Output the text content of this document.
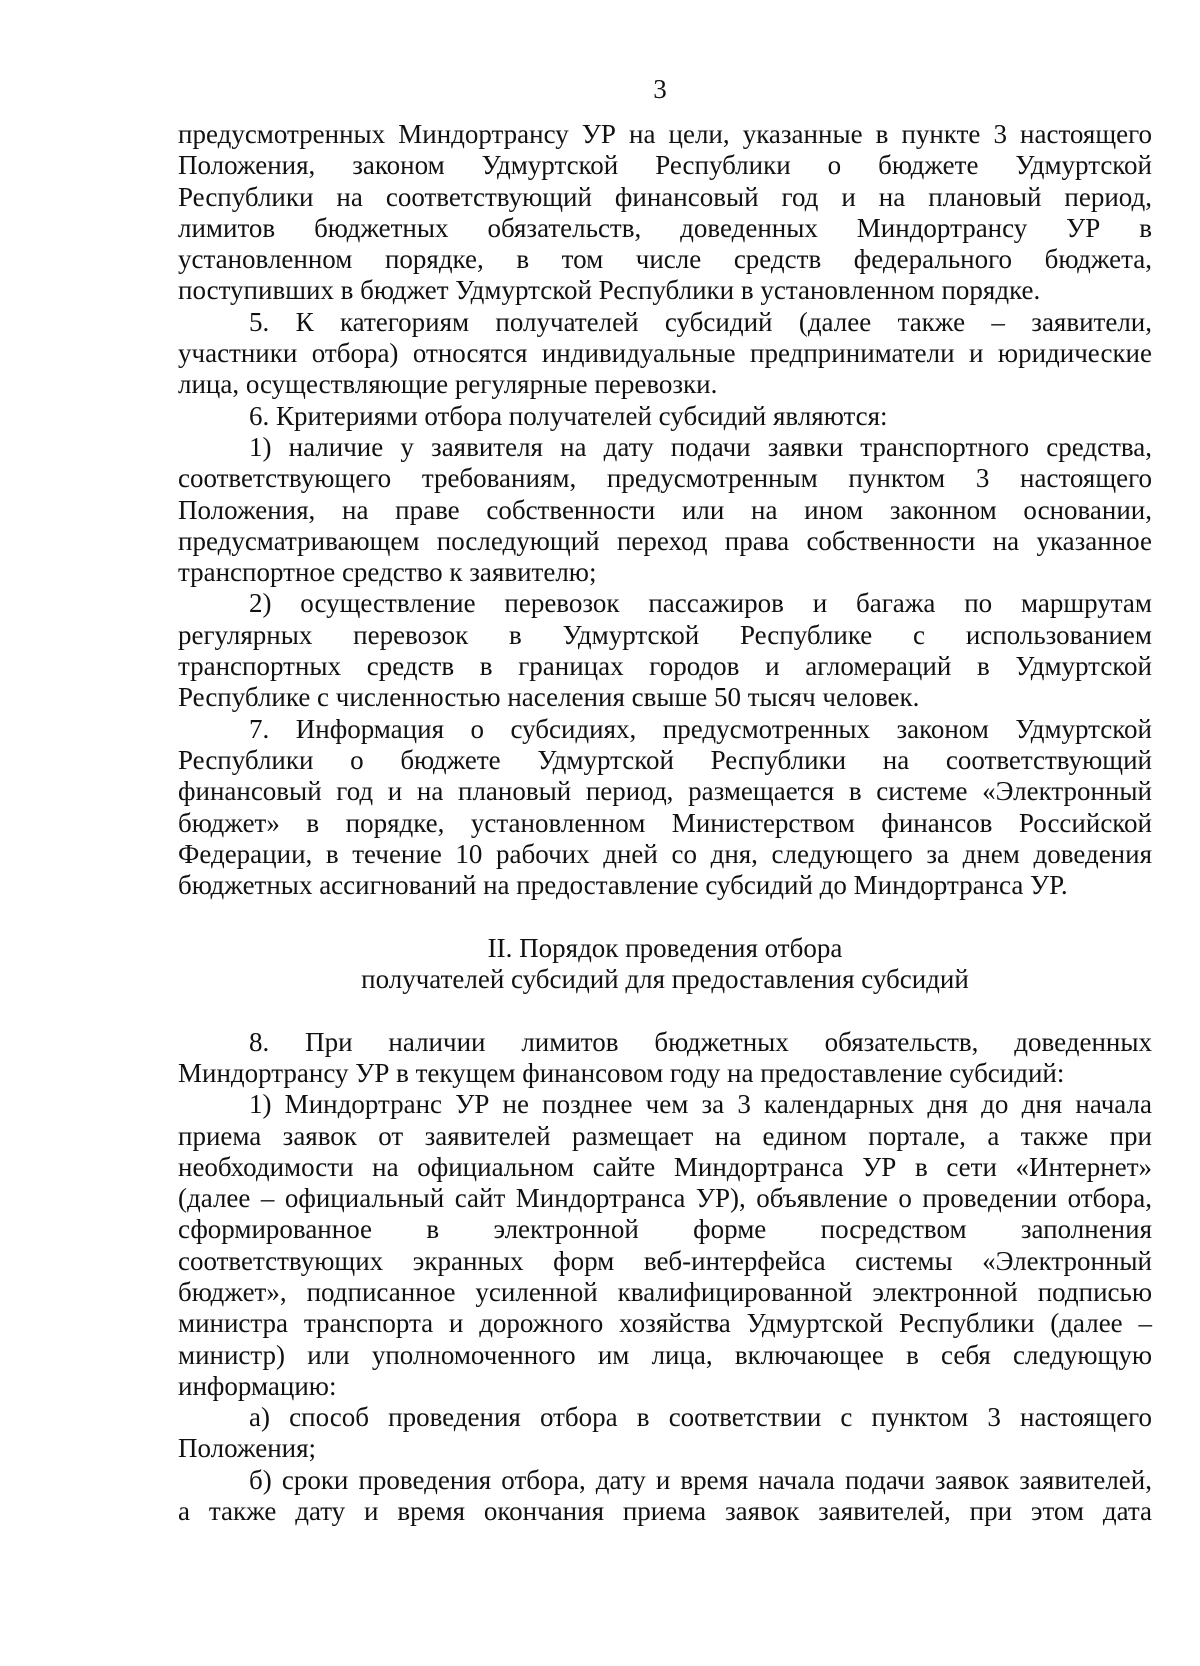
3
предусмотренных Миндортрансу УР на цели, указанные в пункте 3 настоящего
Положения, законом Удмуртской Республики о бюджете Удмуртской
Республики на соответствующий финансовый год и на плановый период,
лимитов бюджетных обязательств, доведенных Миндортрансу УР в
установленном порядке, в том числе средств федерального бюджета,
поступивших в бюджет Удмуртской Республики в установленном порядке.
5. К категориям получателей субсидий (далее также – заявители,
участники отбора) относятся индивидуальные предприниматели и юридические
лица, осуществляющие регулярные перевозки.
6. Критериями отбора получателей субсидий являются:
1) наличие у заявителя на дату подачи заявки транспортного средства,
соответствующего требованиям, предусмотренным пунктом 3 настоящего
Положения, на праве собственности или на ином законном основании,
предусматривающем последующий переход права собственности на указанное
транспортное средство к заявителю;
2) осуществление перевозок пассажиров и багажа по маршрутам
регулярных перевозок в Удмуртской Республике с использованием
транспортных средств в границах городов и агломераций в Удмуртской
Республике с численностью населения свыше 50 тысяч человек.
7. Информация о субсидиях, предусмотренных законом Удмуртской
Республики о бюджете Удмуртской Республики на соответствующий
финансовый год и на плановый период, размещается в системе «Электронный
бюджет» в порядке, установленном Министерством финансов Российской
Федерации, в течение 10 рабочих дней со дня, следующего за днем доведения
бюджетных ассигнований на предоставление субсидий до Миндортранса УР.
II. Порядок проведения отбора
получателей субсидий для предоставления субсидий
8. При наличии лимитов бюджетных обязательств, доведенных
Миндортрансу УР в текущем финансовом году на предоставление субсидий:
1) Миндортранс УР не позднее чем за 3 календарных дня до дня начала
приема заявок от заявителей размещает на едином портале, а также при
необходимости на официальном сайте Миндортранса УР в сети «Интернет»
(далее – официальный сайт Миндортранса УР), объявление о проведении отбора,
сформированное в электронной форме посредством заполнения
соответствующих экранных форм веб-интерфейса системы «Электронный
бюджет», подписанное усиленной квалифицированной электронной подписью
министра транспорта и дорожного хозяйства Удмуртской Республики (далее –
министр) или уполномоченного им лица, включающее в себя следующую
информацию:
а) способ проведения отбора в соответствии с пунктом 3 настоящего
Положения;
б) сроки проведения отбора, дату и время начала подачи заявок заявителей,
а также дату и время окончания приема заявок заявителей, при этом дата
